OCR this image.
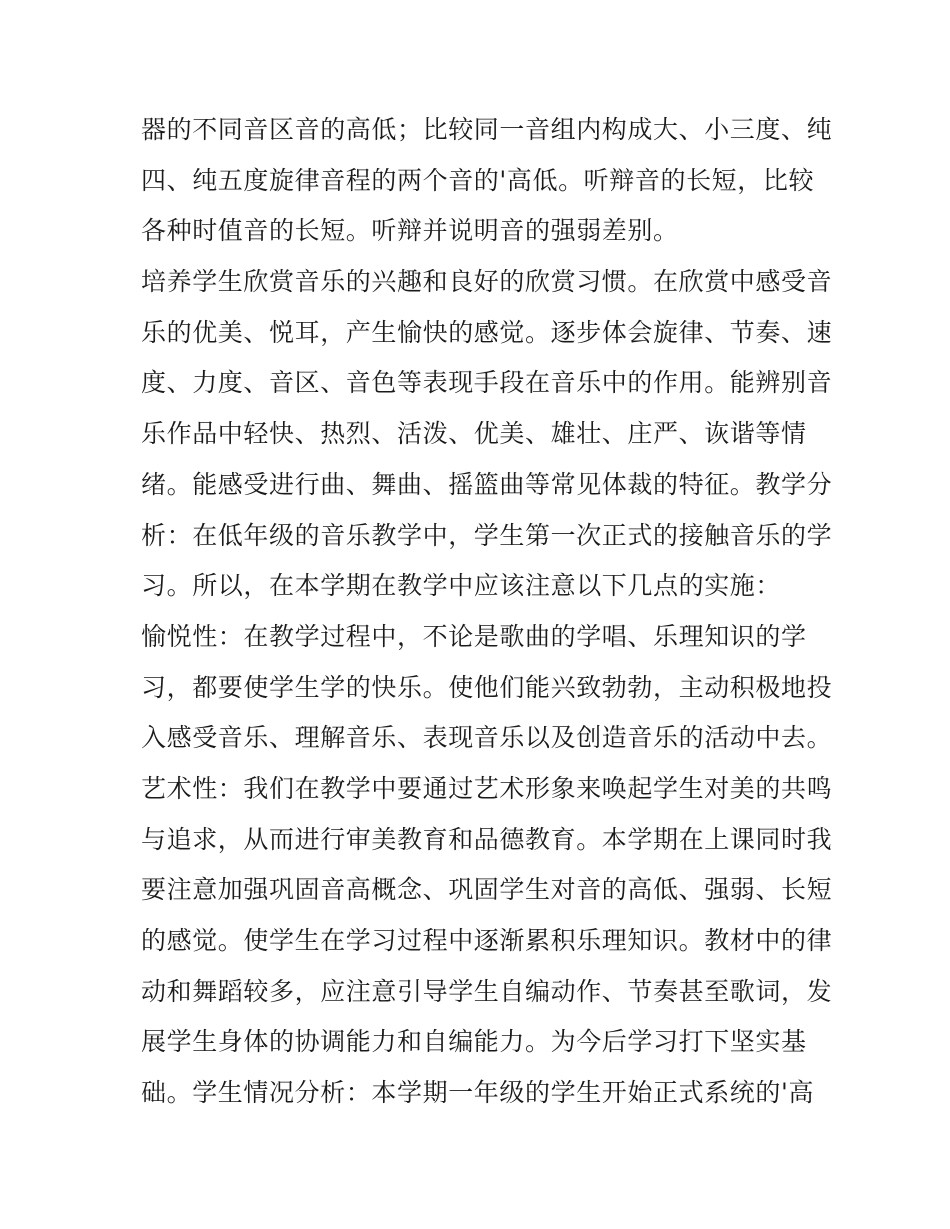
器的不同音区音的高低；比较同一音组内构成大、小三度、纯
四、纯五度旋律音程的两个音的'高低。听辩音的长短，比较
各种时值音的长短。听辩并说明音的强弱差别。
培养学生欣赏音乐的兴趣和良好的欣赏习惯。在欣赏中感受音
乐的优美、悦耳，产生愉快的感觉。逐步体会旋律、节奏、速
度、力度、音区、音色等表现手段在音乐中的作用。能辨别音
乐作品中轻快、热烈、活泼、优美、雄壮、庄严、诙谐等情
绪。能感受进行曲、舞曲、摇篮曲等常见体裁的特征。教学分
析：在低年级的音乐教学中，学生第一次正式的接触音乐的学
习。所以，在本学期在教学中应该注意以下几点的实施：
愉悦性：在教学过程中，不论是歌曲的学唱、乐理知识的学
习，都要使学生学的快乐。使他们能兴致勃勃，主动积极地投
入感受音乐、理解音乐、表现音乐以及创造音乐的活动中去。
艺术性：我们在教学中要通过艺术形象来唤起学生对美的共鸣
与追求，从而进行审美教育和品德教育。本学期在上课同时我
要注意加强巩固音高概念、巩固学生对音的高低、强弱、长短
的感觉。使学生在学习过程中逐渐累积乐理知识。教材中的律
动和舞蹈较多，应注意引导学生自编动作、节奏甚至歌词，发
展学生身体的协调能力和自编能力。为今后学习打下坚实基
础。学生情况分析：本学期一年级的学生开始正式系统的'高
